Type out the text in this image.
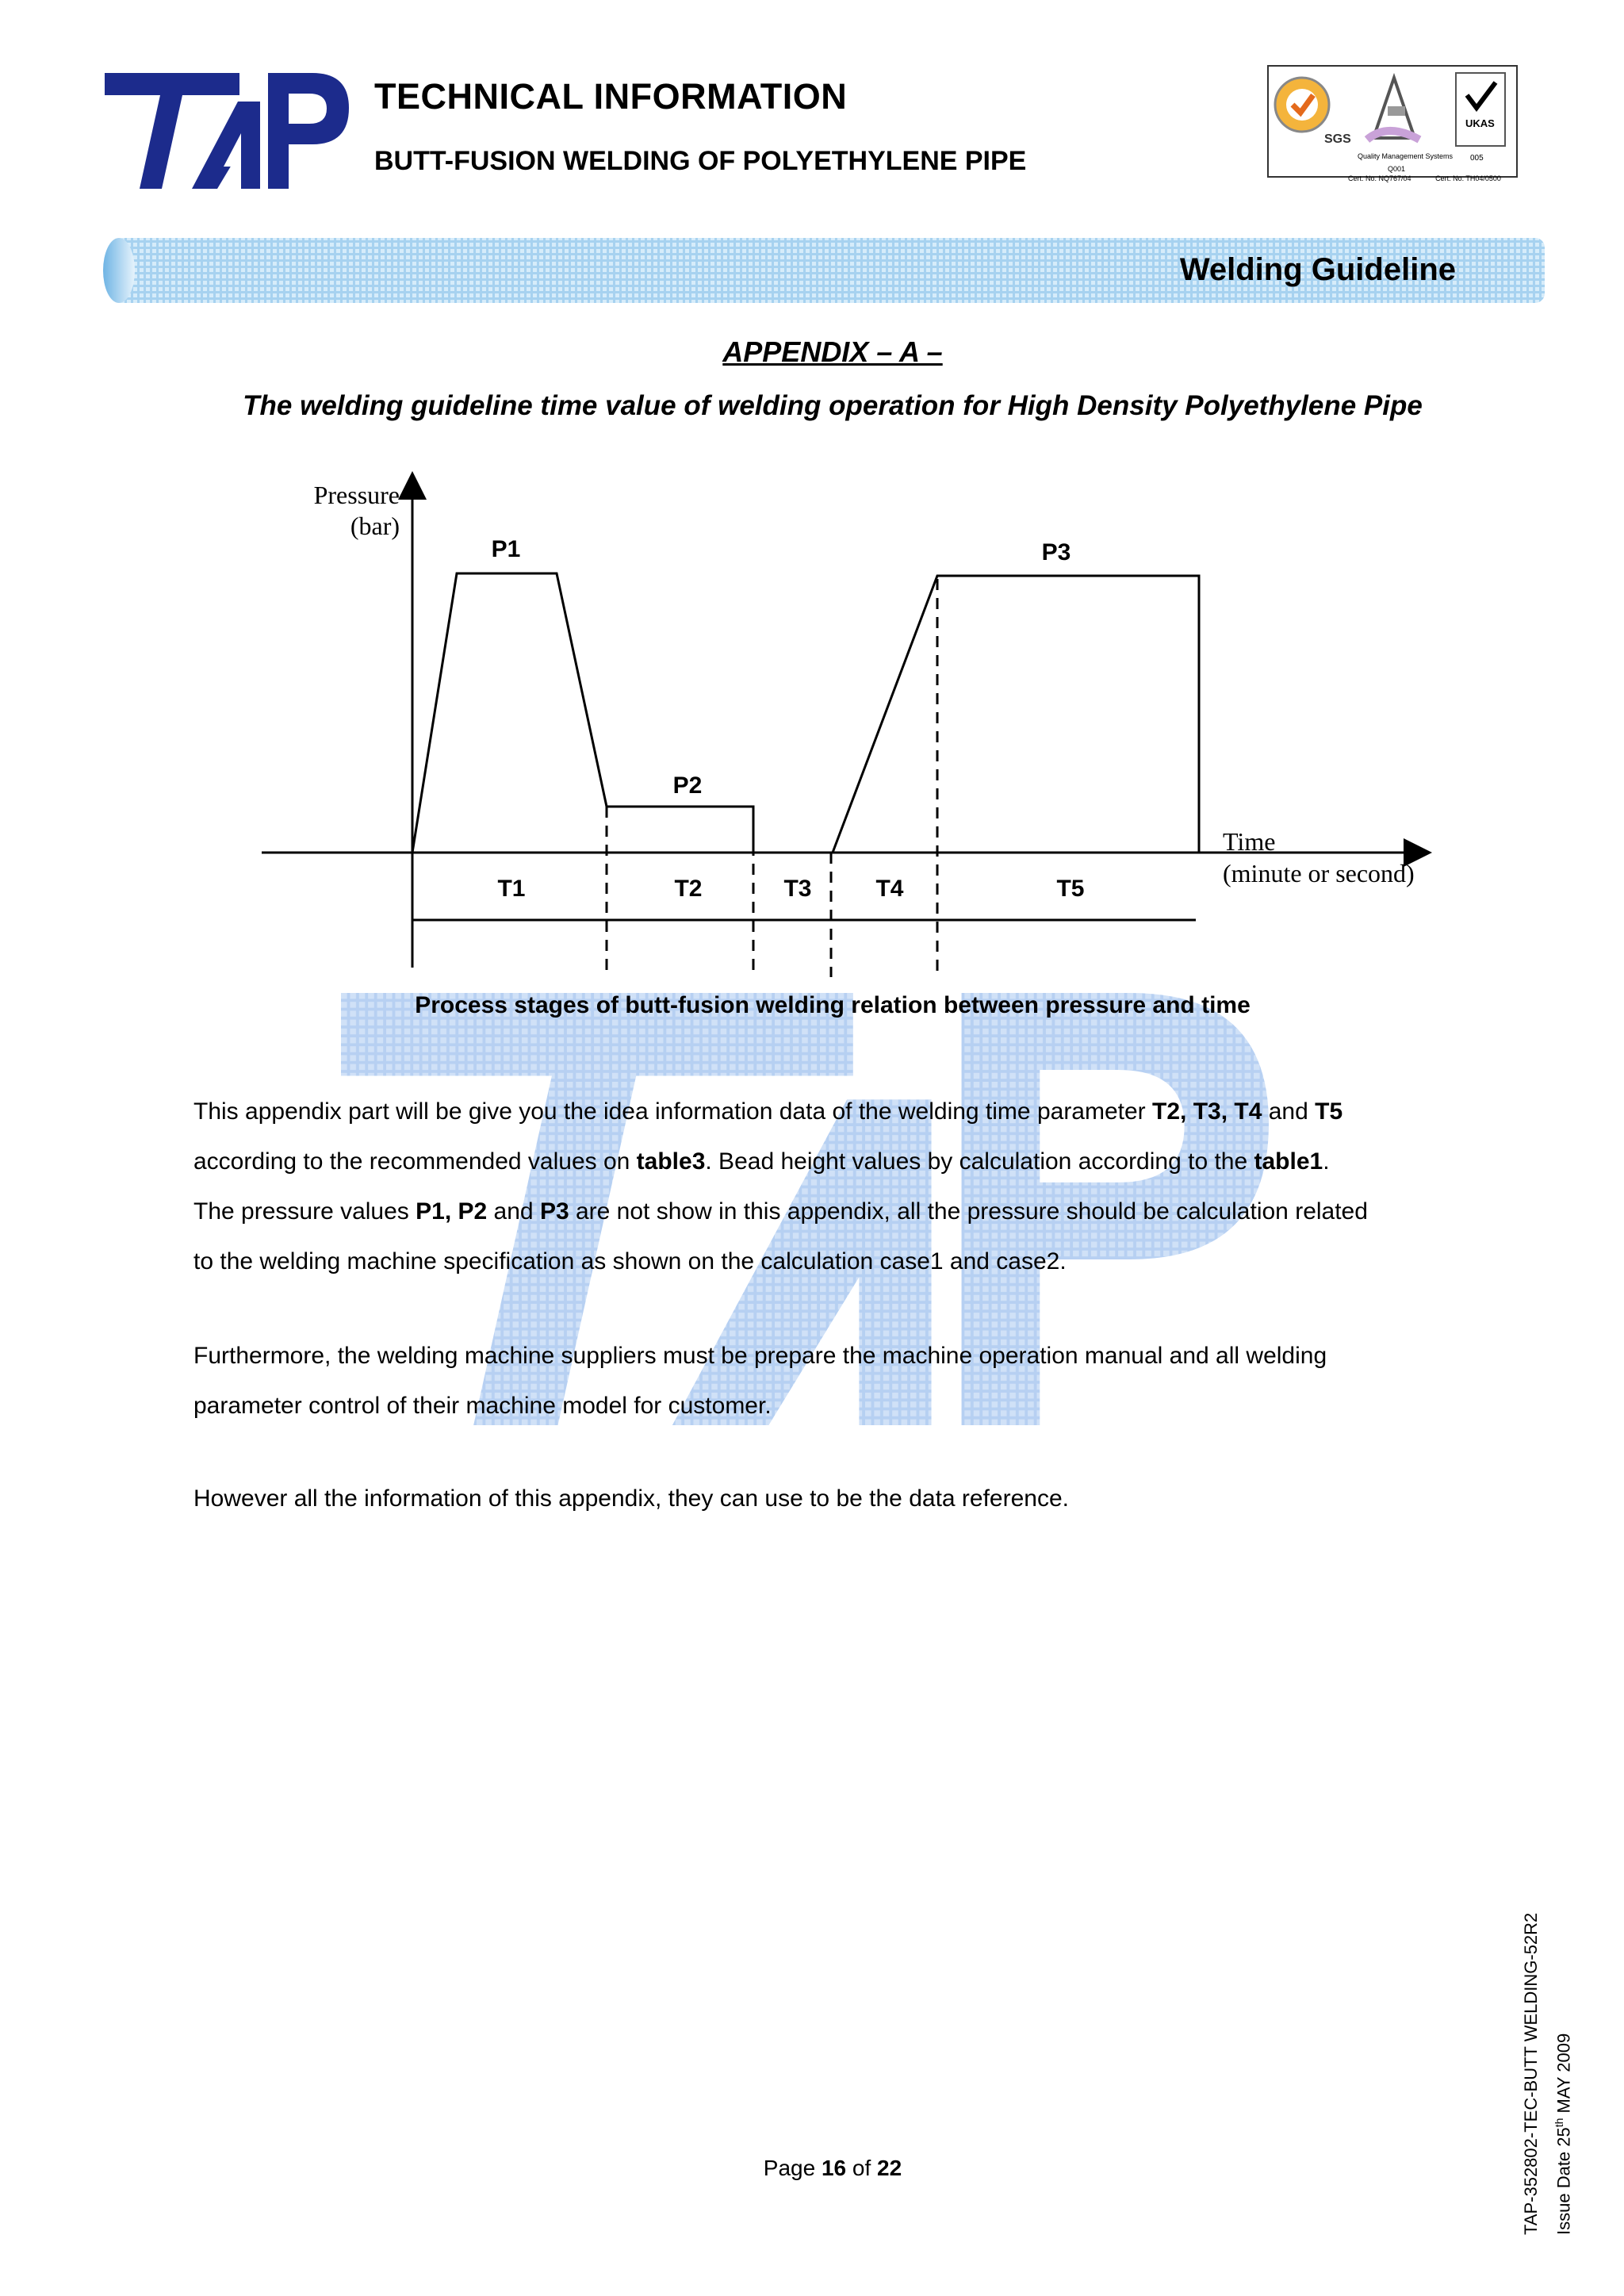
TECHNICAL INFORMATION
BUTT-FUSION WELDING OF POLYETHYLENE PIPE
SGS
UKAS
Quality Management Systems 005
Q001
Cert. No. NQ767/04	Cert. No. TH04/0500
Welding Guideline
APPENDIX – A –
The welding guideline time value of welding operation for High Density Polyethylene Pipe
Pressure
(bar)
Time
(minute or second)
P1
P2
P3
T1	T2	T3	T4	T5
Process stages of butt-fusion welding relation between pressure and time
This appendix part will be give you the idea information data of the welding time parameter T2, T3, T4 and T5
according to the recommended values on table3. Bead height values by calculation according to the table1.
The pressure values P1, P2 and P3 are not show in this appendix, all the pressure should be calculation related
to the welding machine specification as shown on the calculation case1 and case2.
Furthermore, the welding machine suppliers must be prepare the machine operation manual and all welding
parameter control of their machine model for customer.
However all the information of this appendix, they can use to be the data reference.
Page 16 of 22	TAP-352802-TEC-BUTT WELDING-52R2 Issue Date 25th MAY 2009
